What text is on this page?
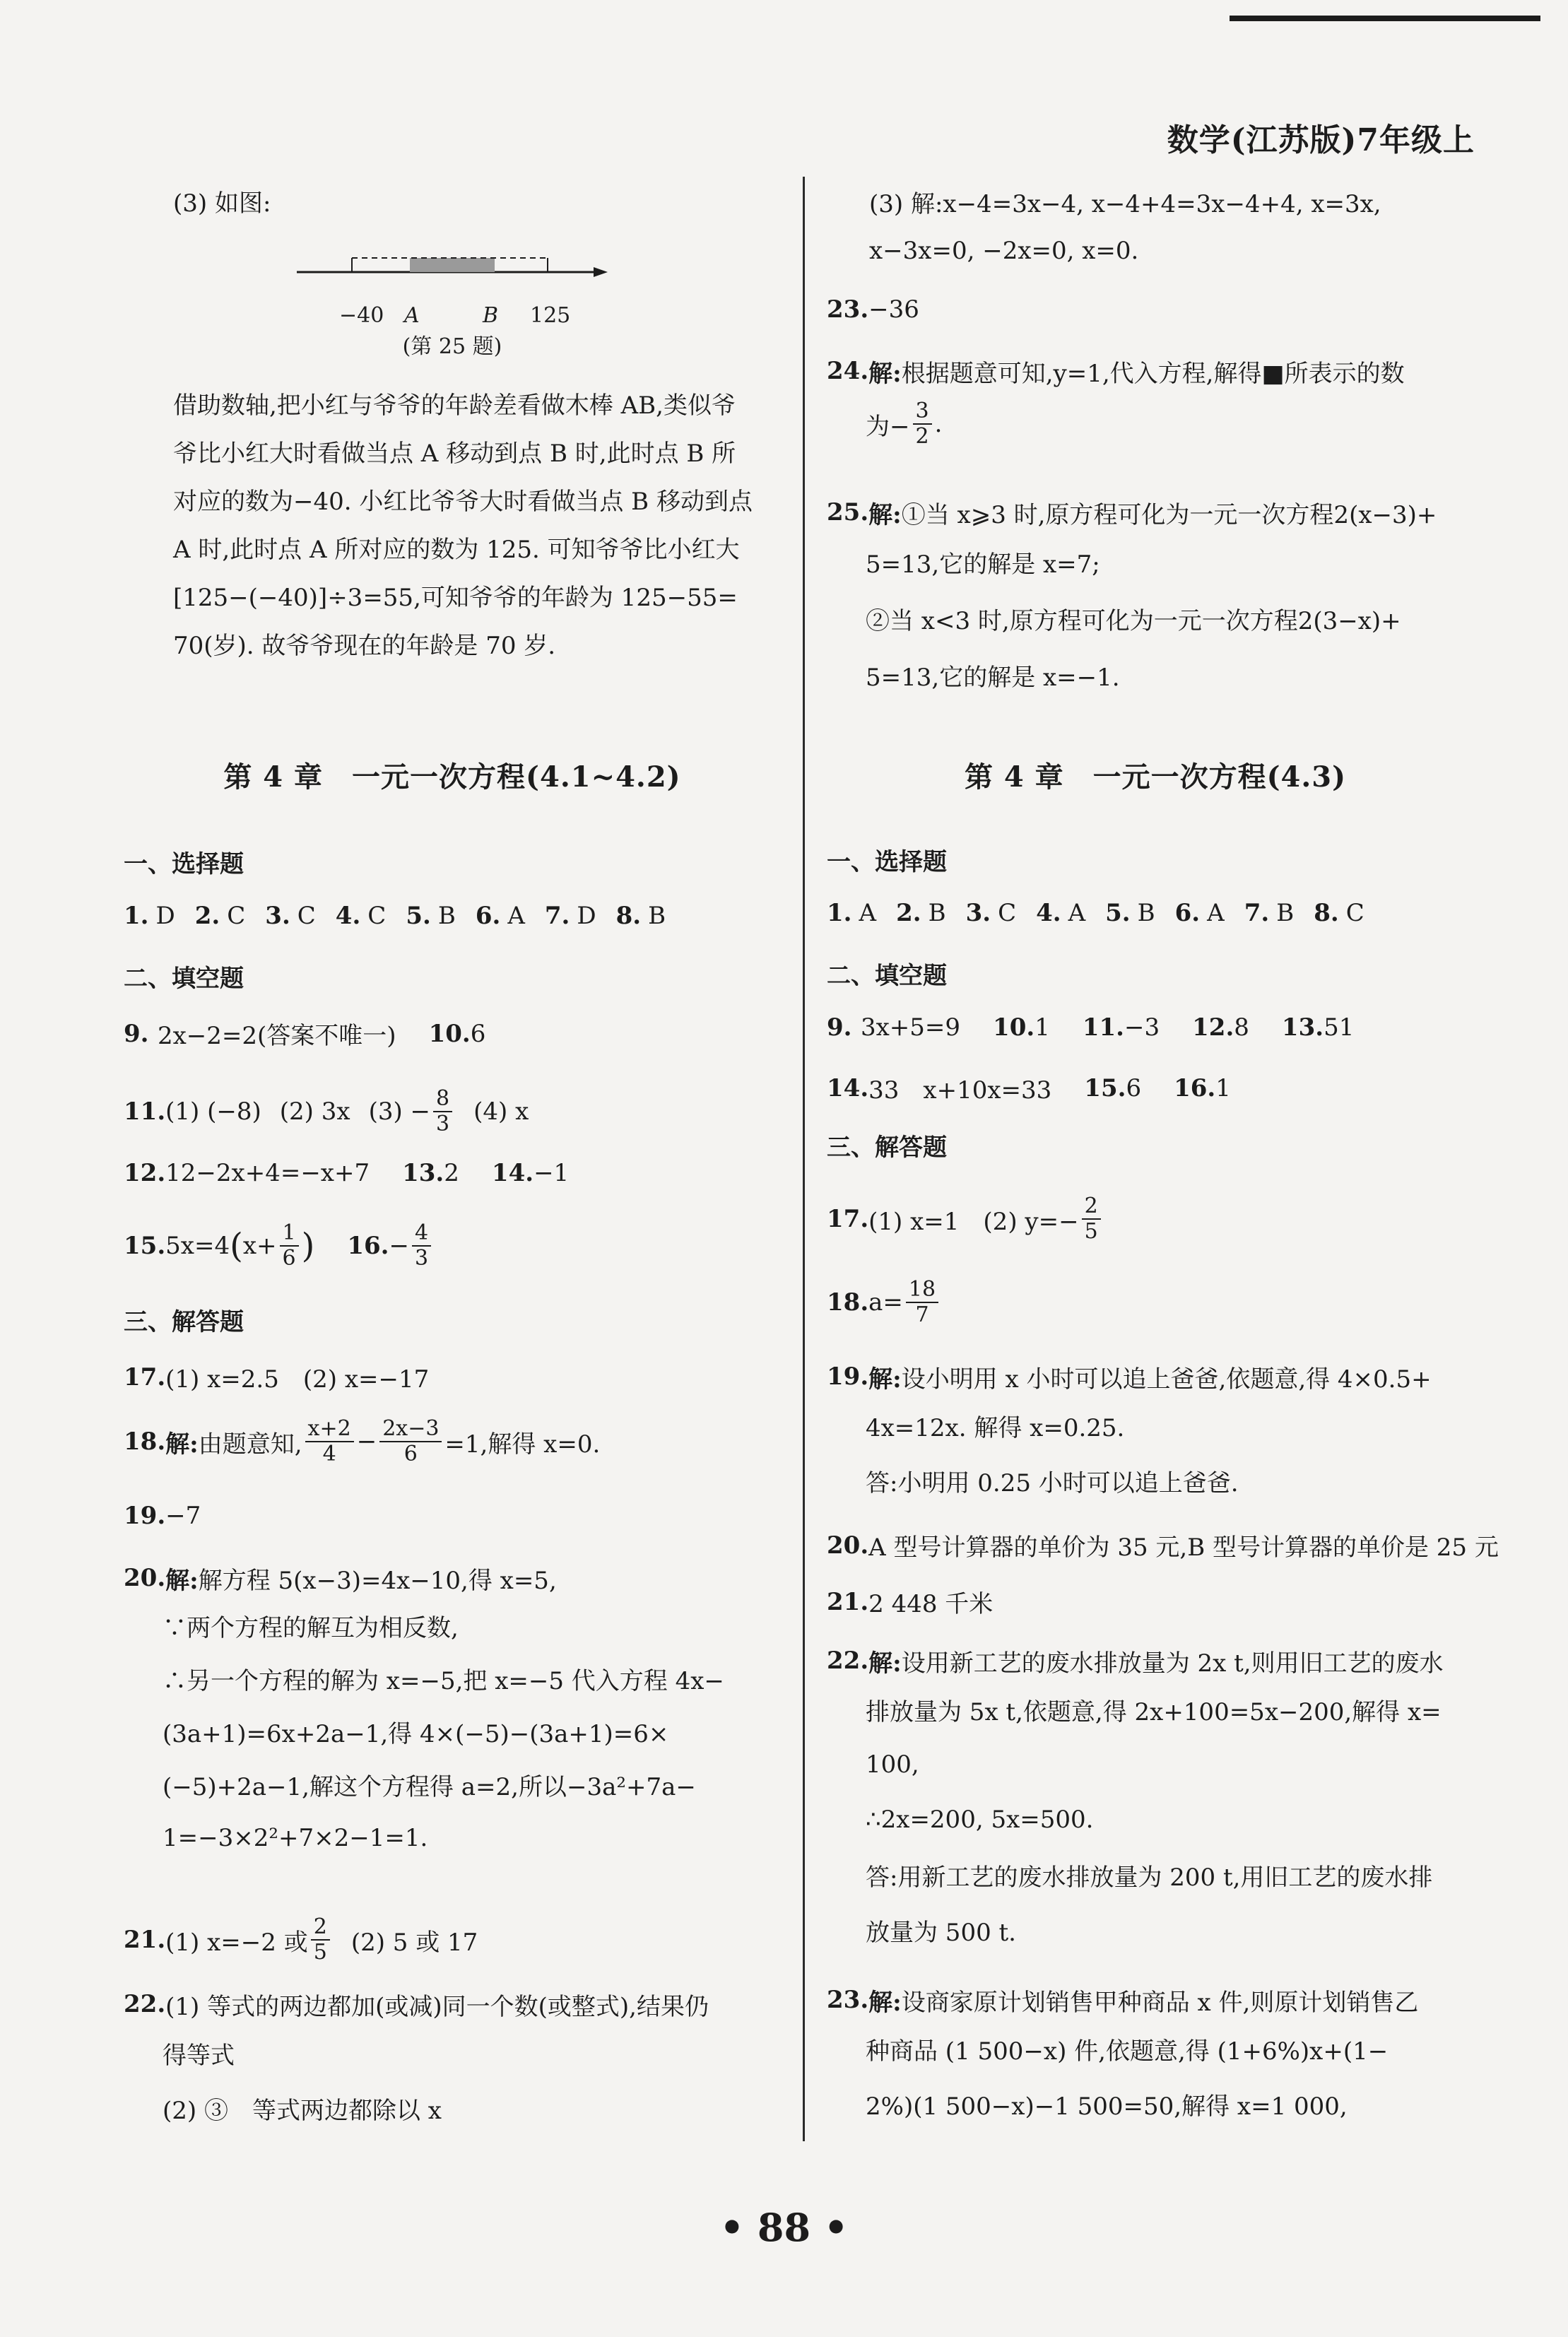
数学(江苏版)7年级上

(3) 如图:

−40 A	B 125
(第 25 题)

借助数轴,把小红与爷爷的年龄差看做木棒 AB,类似爷

爷比小红大时看做当点 A 移动到点 B 时,此时点 B 所

对应的数为−40. 小红比爷爷大时看做当点 B 移动到点

A 时,此时点 A 所对应的数为 125. 可知爷爷比小红大

[125−(−40)]÷3=55,可知爷爷的年龄为 125−55=

70(岁). 故爷爷现在的年龄是 70 岁.

第 4 章　一元一次方程(4.1~4.2)
一、选择题
1. D 2. C 3. C 4. C 5. B 6. A 7. D 8. B
二、填空题
9. 2x−2=2(答案不唯一) 10. 6
11. (1) (−8) (2) 3x $(3) - \frac{8}{3} (4)$ x
12. 12−2x+4=−x+7 13. 2 14. −1
15. 5x=4 ( $x+ \frac{1}{6}$ ) 16. − $\frac{4}{3}$
三、解答题
17. (1) x=2.5　(2) x=−17
18. 解: 由题意知, $\frac{x+2}{4} - \frac{2x-3}{6} =1$,解得 x=0.
19. −7
20. 解: 解方程 5(x−3)=4x−10,得 x=5,
∵两个方程的解互为相反数,
∴另一个方程的解为 x=−5,把 x=−5 代入方程 4x−
(3a+1)=6x+2a−1,得 4×(−5)−(3a+1)=6×
(−5)+2a−1,解这个方程得 a=2,所以−3a²+7a−
1=−3×2²+7×2−1=1.
21. (1) x=−2 或 $\frac{2}{5} (2)$ 5 或 17
22. (1) 等式的两边都加(或减)同一个数(或整式),结果仍
得等式
(2) ③　等式两边都除以 x
(3) 解:x−4=3x−4, x−4+4=3x−4+4, x=3x,
x−3x=0, −2x=0, x=0.
23. −36
24. 解: 根据题意可知,y=1,代入方程,解得■所表示的数
为− $\frac{3}{2}$ .
25. 解: ①当 x⩾3 时,原方程可化为一元一次方程2(x−3)+
5=13,它的解是 x=7;
②当 x<3 时,原方程可化为一元一次方程2(3−x)+
5=13,它的解是 x=−1.
第 4 章　一元一次方程(4.3)
一、选择题
1. A 2. B 3. C 4. A 5. B 6. A 7. B 8. C
二、填空题
9. 3x+5=9 10. 1 11. −3 12. 8 13. 51
14. 33　x+10x=33 15. 6 16. 1
三、解答题
17. (1) x=1　(2) $y=- \frac{2}{5}$
18. $a= \frac{18}{7}$
19. 解: 设小明用 x 小时可以追上爸爸,依题意,得 4×0.5+
4x=12x. 解得 x=0.25.
答:小明用 0.25 小时可以追上爸爸.
20. A 型号计算器的单价为 35 元,B 型号计算器的单价是 25 元
21. 2 448 千米
22. 解: 设用新工艺的废水排放量为 2x t,则用旧工艺的废水
排放量为 5x t,依题意,得 2x+100=5x−200,解得 x=
100,
∴2x=200, 5x=500.
答:用新工艺的废水排放量为 200 t,用旧工艺的废水排
放量为 500 t.
23. 解: 设商家原计划销售甲种商品 x 件,则原计划销售乙
种商品 (1 500−x) 件,依题意,得 (1+6%)x+(1−
2%)(1 500−x)−1 500=50,解得 x=1 000,
• 88 •
